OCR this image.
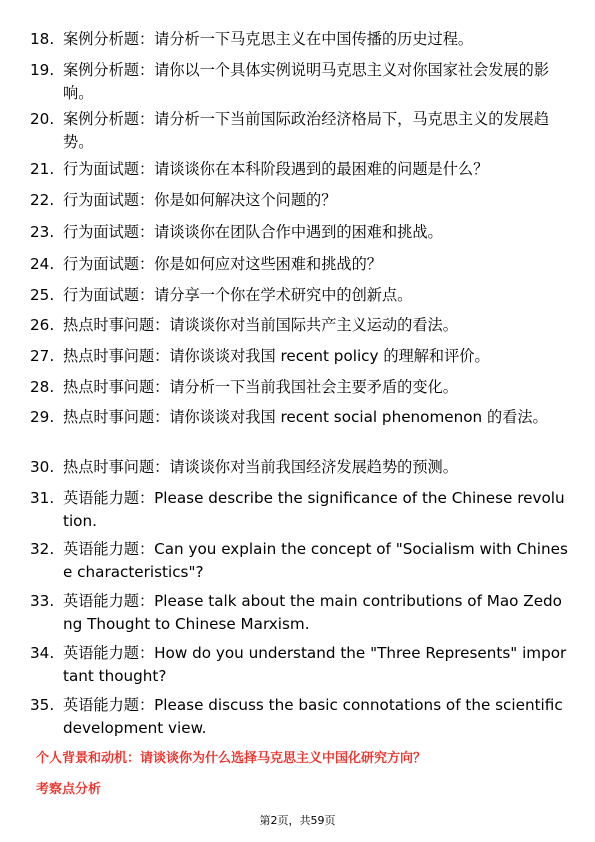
18. 案例分析题：请分析一下马克思主义在中国传播的历史过程。
19. 案例分析题：请你以一个具体实例说明马克思主义对你国家社会发展的影响。
20. 案例分析题：请分析一下当前国际政治经济格局下，马克思主义的发展趋势。
21. 行为面试题：请谈谈你在本科阶段遇到的最困难的问题是什么？
22. 行为面试题：你是如何解决这个问题的？
23. 行为面试题：请谈谈你在团队合作中遇到的困难和挑战。
24. 行为面试题：你是如何应对这些困难和挑战的？
25. 行为面试题：请分享一个你在学术研究中的创新点。
26. 热点时事问题：请谈谈你对当前国际共产主义运动的看法。
27. 热点时事问题：请你谈谈对我国 recent policy 的理解和评价。
28. 热点时事问题：请分析一下当前我国社会主要矛盾的变化。
29. 热点时事问题：请你谈谈对我国 recent social phenomenon 的看法。
30. 热点时事问题：请谈谈你对当前我国经济发展趋势的预测。
31. 英语能力题：Please describe the significance of the Chinese revolution.
32. 英语能力题：Can you explain the concept of "Socialism with Chinese characteristics"?
33. 英语能力题：Please talk about the main contributions of Mao Zedong Thought to Chinese Marxism.
34. 英语能力题：How do you understand the "Three Represents" important thought?
35. 英语能力题：Please discuss the basic connotations of the scientific development view.
个人背景和动机：请谈谈你为什么选择马克思主义中国化研究方向？
考察点分析
第2页，共59页
